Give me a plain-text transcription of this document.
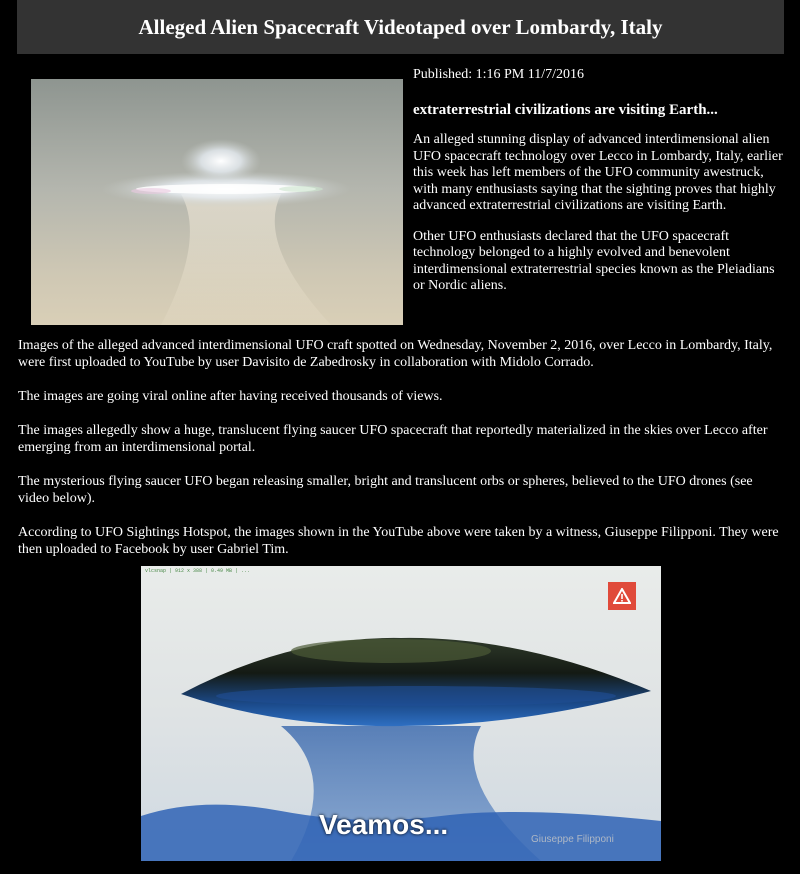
Alleged Alien Spacecraft Videotaped over Lombardy, Italy

Published: 1:16 PM 11/7/2016

extraterrestrial civilizations are visiting Earth...

An alleged stunning display of advanced interdimensional alien UFO spacecraft technology over Lecco in Lombardy, Italy, earlier this week has left members of the UFO community awestruck, with many enthusiasts saying that the sighting proves that highly advanced extraterrestrial civilizations are visiting Earth.

Other UFO enthusiasts declared that the UFO spacecraft technology belonged to a highly evolved and benevolent interdimensional extraterrestrial species known as the Pleiadians or Nordic aliens.

Images of the alleged advanced interdimensional UFO craft spotted on Wednesday, November 2, 2016, over Lecco in Lombardy, Italy, were first uploaded to YouTube by user Davisito de Zabedrosky in collaboration with Midolo Corrado.

The images are going viral online after having received thousands of views.

The images allegedly show a huge, translucent flying saucer UFO spacecraft that reportedly materialized in the skies over Lecco after emerging from an interdimensional portal.

The mysterious flying saucer UFO began releasing smaller, bright and translucent orbs or spheres, believed to the UFO drones (see video below).

According to UFO Sightings Hotspot, the images shown in the YouTube above were taken by a witness, Giuseppe Filipponi. They were then uploaded to Facebook by user Gabriel Tim.

vlcsnap | 912 x 388 | 0.49 MB | ...
Veamos...	Giuseppe Filipponi
